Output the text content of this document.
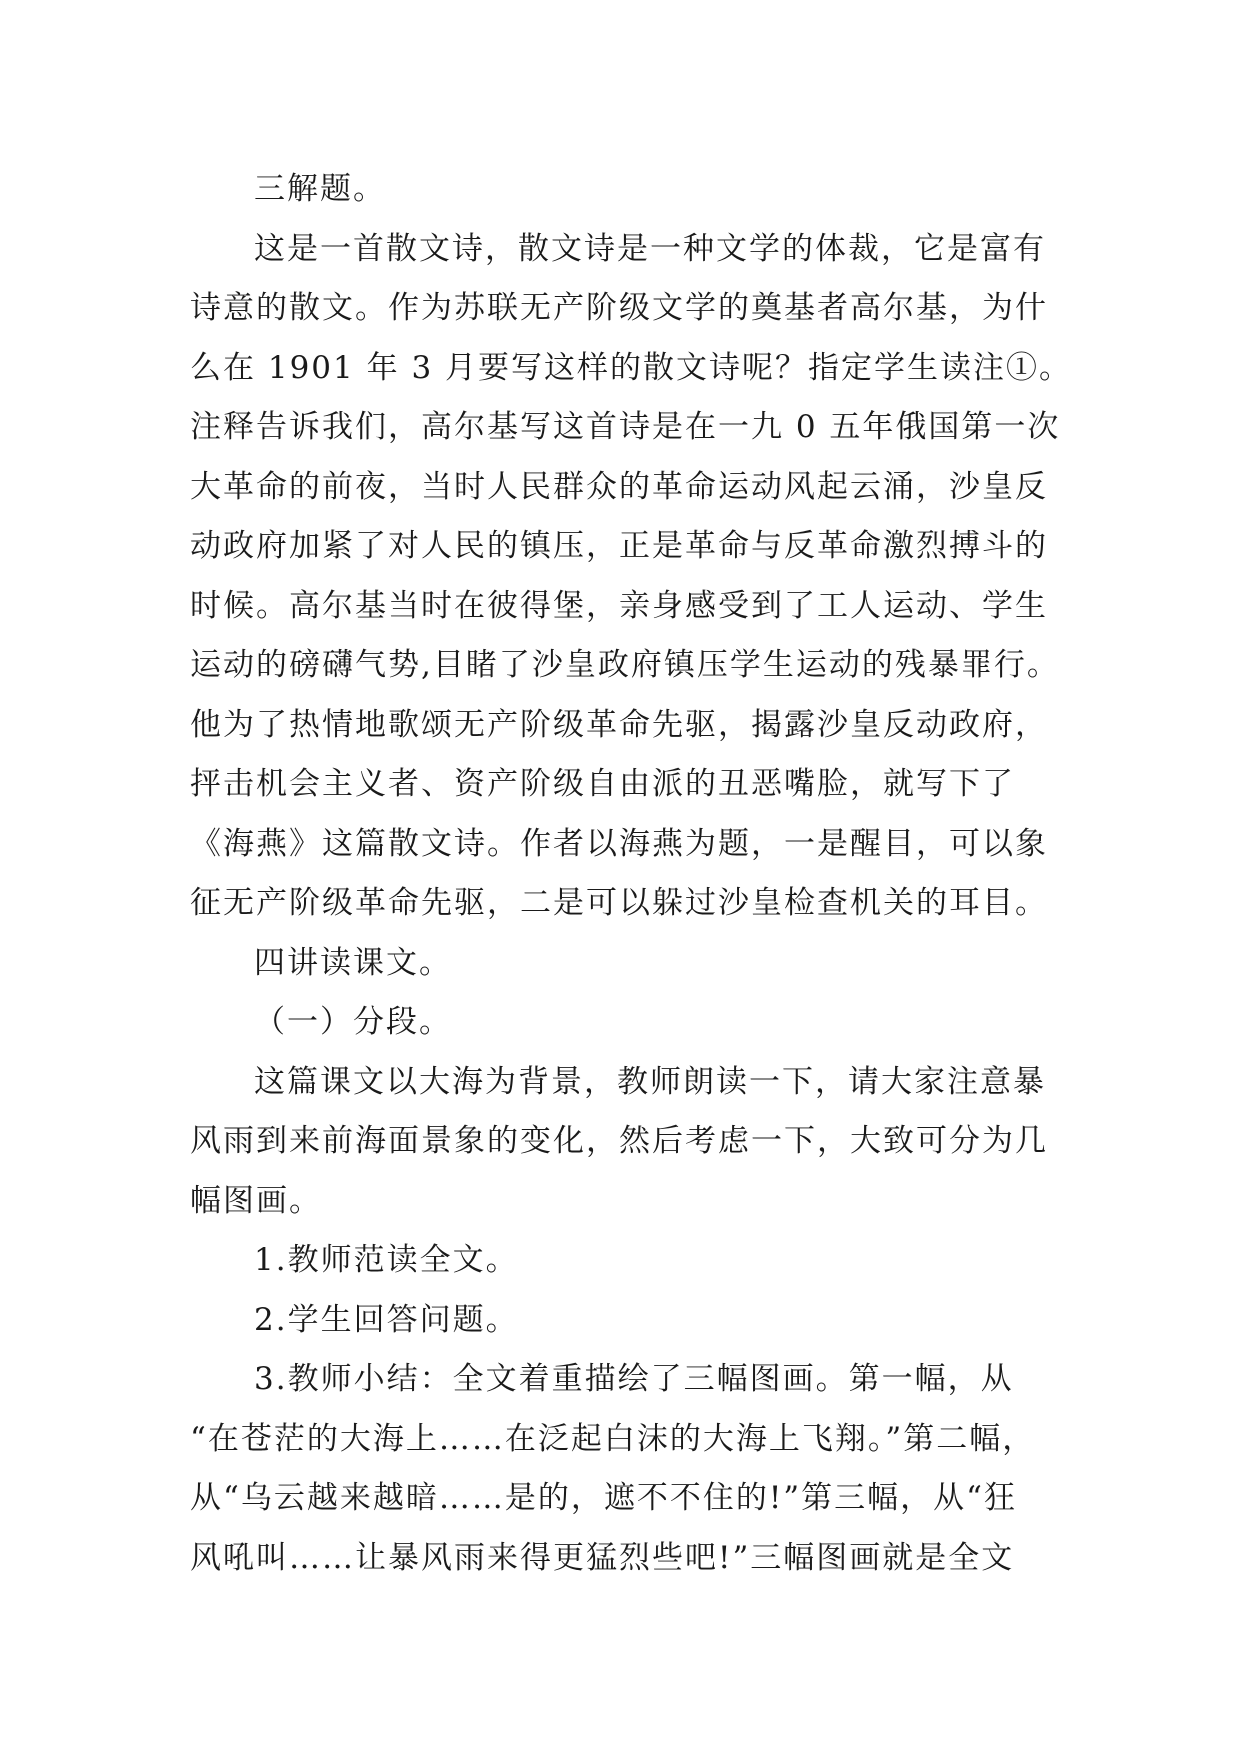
三解题。
这是一首散文诗，散文诗是一种文学的体裁，它是富有
诗意的散文。作为苏联无产阶级文学的奠基者高尔基，为什
么在 1901 年 3 月要写这样的散文诗呢？指定学生读注①。
注释告诉我们，高尔基写这首诗是在一九 0 五年俄国第一次
大革命的前夜，当时人民群众的革命运动风起云涌，沙皇反
动政府加紧了对人民的镇压，正是革命与反革命激烈搏斗的
时候。高尔基当时在彼得堡，亲身感受到了工人运动、学生
运动的磅礴气势,目睹了沙皇政府镇压学生运动的残暴罪行。
他为了热情地歌颂无产阶级革命先驱，揭露沙皇反动政府，
抨击机会主义者、资产阶级自由派的丑恶嘴脸，就写下了
《海燕》这篇散文诗。作者以海燕为题，一是醒目，可以象
征无产阶级革命先驱，二是可以躲过沙皇检查机关的耳目。
四讲读课文。
（一）分段。
这篇课文以大海为背景，教师朗读一下，请大家注意暴
风雨到来前海面景象的变化，然后考虑一下，大致可分为几
幅图画。
1.教师范读全文。
2.学生回答问题。
3.教师小结：全文着重描绘了三幅图画。第一幅，从
“在苍茫的大海上……在泛起白沫的大海上飞翔。”第二幅，
从“乌云越来越暗……是的，遮不不住的!”第三幅，从“狂
风吼叫……让暴风雨来得更猛烈些吧!”三幅图画就是全文
